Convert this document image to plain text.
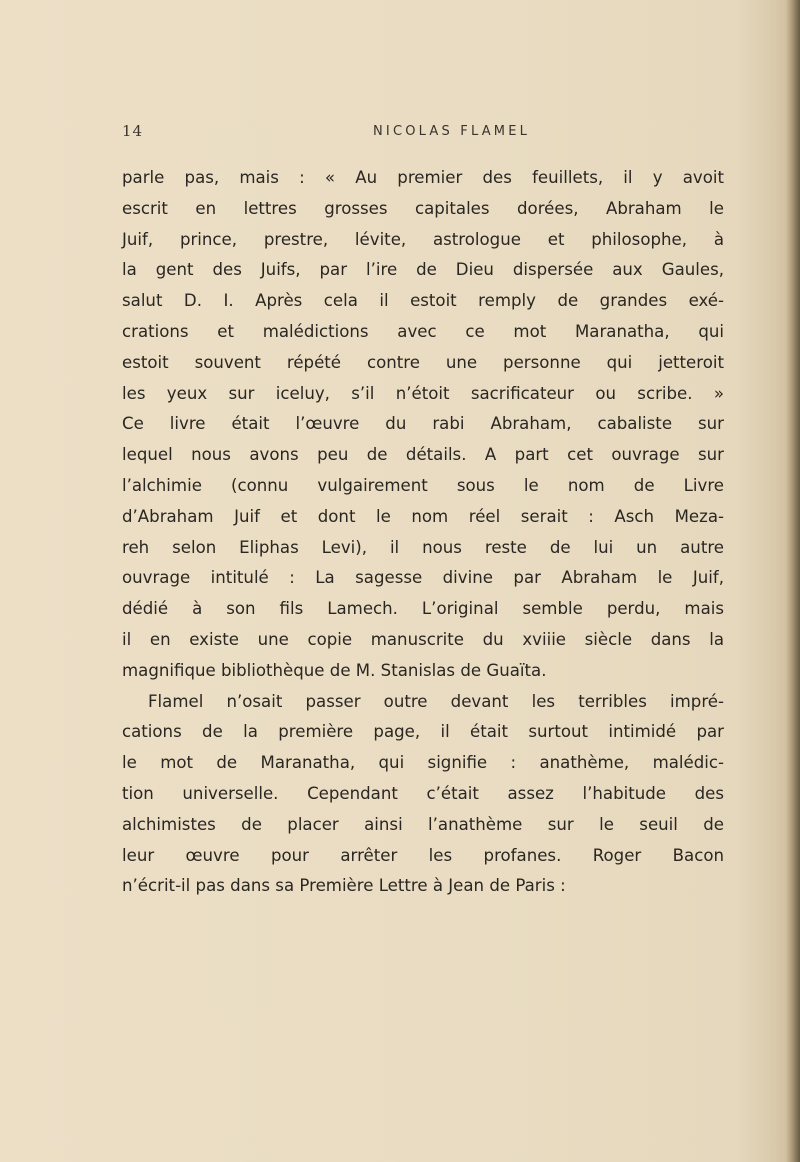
14	NICOLAS FLAMEL
parle pas, mais : « Au premier des feuillets, il y avoit
escrit en lettres grosses capitales dorées, Abraham le
Juif, prince, prestre, lévite, astrologue et philosophe, à
la gent des Juifs, par l’ire de Dieu dispersée aux Gaules,
salut D. I. Après cela il estoit remply de grandes exé-
crations et malédictions avec ce mot Maranatha, qui
estoit souvent répété contre une personne qui jetteroit
les yeux sur iceluy, s’il n’étoit sacrificateur ou scribe. »
Ce livre était l’œuvre du rabi Abraham, cabaliste sur
lequel nous avons peu de détails. A part cet ouvrage sur
l’alchimie (connu vulgairement sous le nom de Livre
d’Abraham Juif et dont le nom réel serait : Asch Meza-
reh selon Eliphas Levi), il nous reste de lui un autre
ouvrage intitulé : La sagesse divine par Abraham le Juif,
dédié à son fils Lamech. L’original semble perdu, mais
il en existe une copie manuscrite du xviiie siècle dans la
magnifique bibliothèque de M. Stanislas de Guaïta.
Flamel n’osait passer outre devant les terribles impré-
cations de la première page, il était surtout intimidé par
le mot de Maranatha, qui signifie : anathème, malédic-
tion universelle. Cependant c’était assez l’habitude des
alchimistes de placer ainsi l’anathème sur le seuil de
leur œuvre pour arrêter les profanes. Roger Bacon
n’écrit-il pas dans sa Première Lettre à Jean de Paris :
